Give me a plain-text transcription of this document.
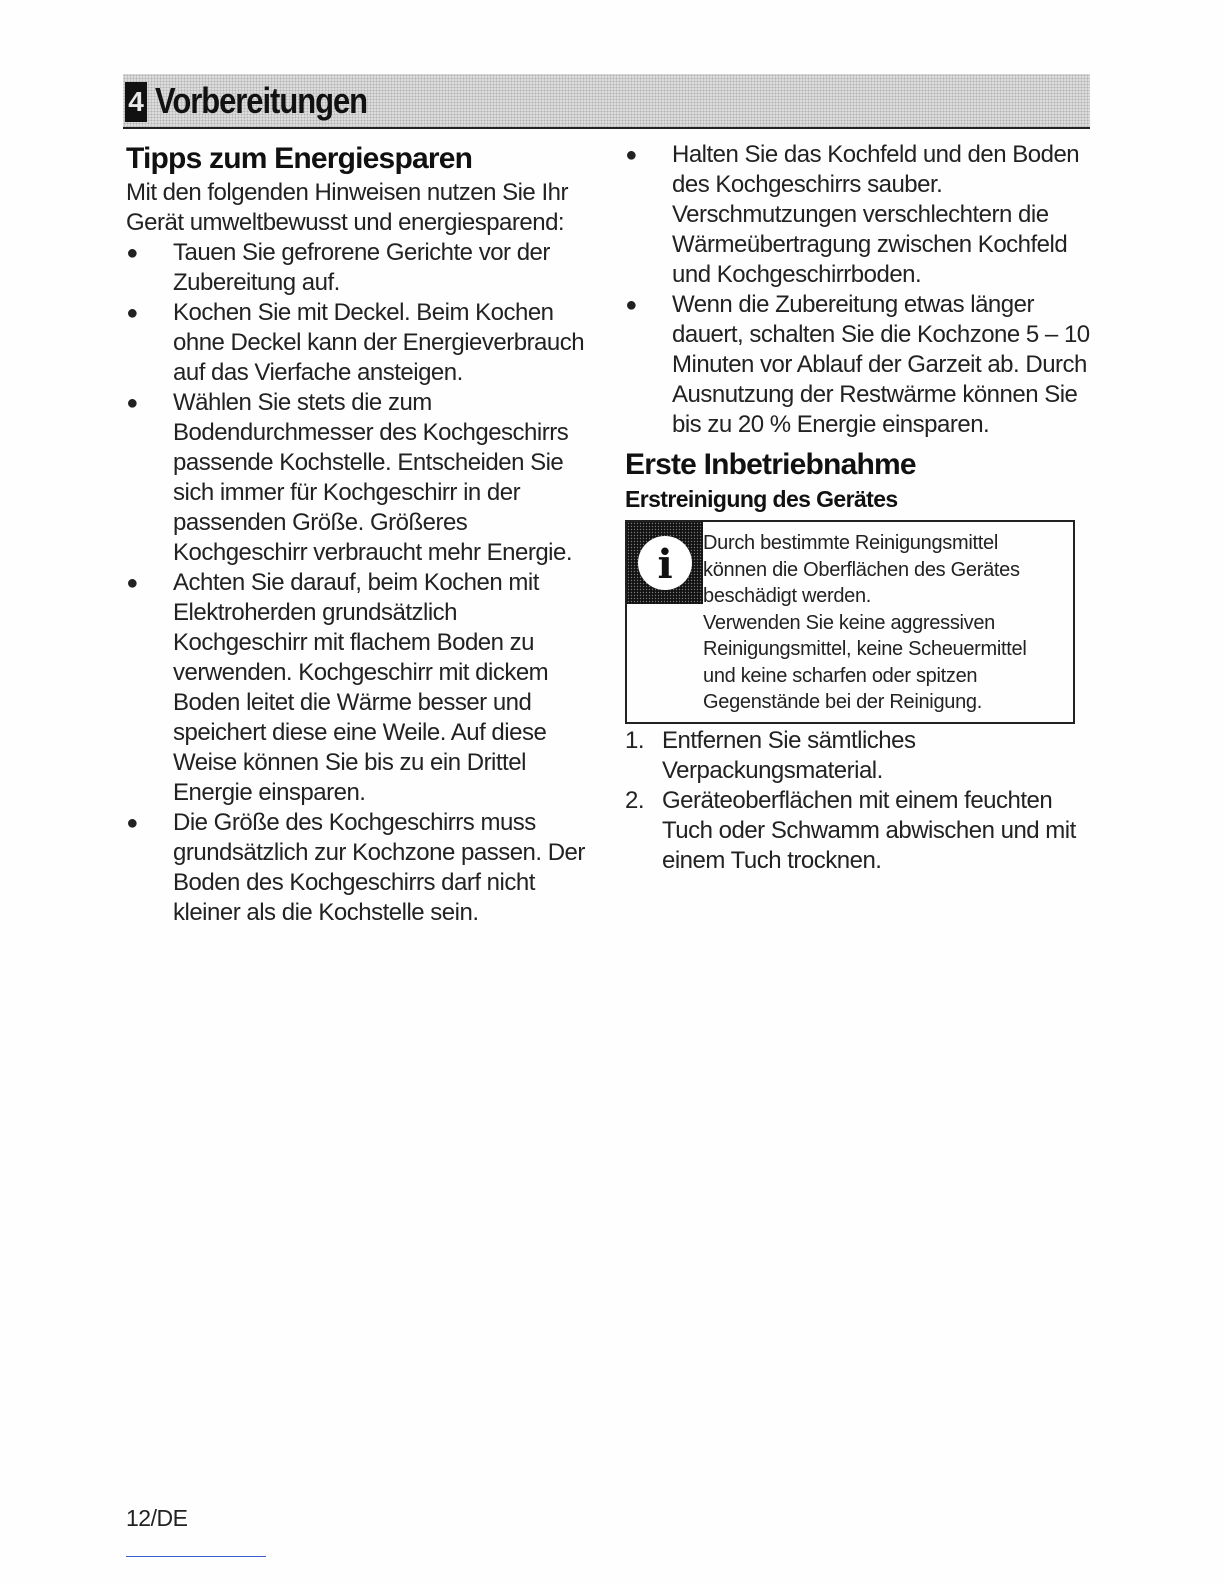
4 Vorbereitungen
Tipps zum Energiesparen

Mit den folgenden Hinweisen nutzen Sie Ihr Gerät umweltbewusst und energiesparend:

● Tauen Sie gefrorene Gerichte vor der Zubereitung auf.
● Kochen Sie mit Deckel. Beim Kochen ohne Deckel kann der Energieverbrauch auf das Vierfache ansteigen.
● Wählen Sie stets die zum Bodendurchmesser des Kochgeschirrs passende Kochstelle. Entscheiden Sie sich immer für Kochgeschirr in der passenden Größe. Größeres Kochgeschirr verbraucht mehr Energie.
● Achten Sie darauf, beim Kochen mit Elektroherden grundsätzlich Kochgeschirr mit flachem Boden zu verwenden. Kochgeschirr mit dickem Boden leitet die Wärme besser und speichert diese eine Weile. Auf diese Weise können Sie bis zu ein Drittel Energie einsparen.
● Die Größe des Kochgeschirrs muss grundsätzlich zur Kochzone passen. Der Boden des Kochgeschirrs darf nicht kleiner als die Kochstelle sein.
● Halten Sie das Kochfeld und den Boden des Kochgeschirrs sauber. Verschmutzungen verschlechtern die Wärmeübertragung zwischen Kochfeld und Kochgeschirrboden.
● Wenn die Zubereitung etwas länger dauert, schalten Sie die Kochzone 5 – 10 Minuten vor Ablauf der Garzeit ab. Durch Ausnutzung der Restwärme können Sie bis zu 20 % Energie einsparen.
Erste Inbetriebnahme
Erstreinigung des Gerätes
i Durch bestimmte Reinigungsmittel können die Oberflächen des Gerätes beschädigt werden.
Verwenden Sie keine aggressiven Reinigungsmittel, keine Scheuermittel und keine scharfen oder spitzen Gegenstände bei der Reinigung.
1. Entfernen Sie sämtliches Verpackungsmaterial.
2. Geräteoberflächen mit einem feuchten Tuch oder Schwamm abwischen und mit einem Tuch trocknen.
12/DE
